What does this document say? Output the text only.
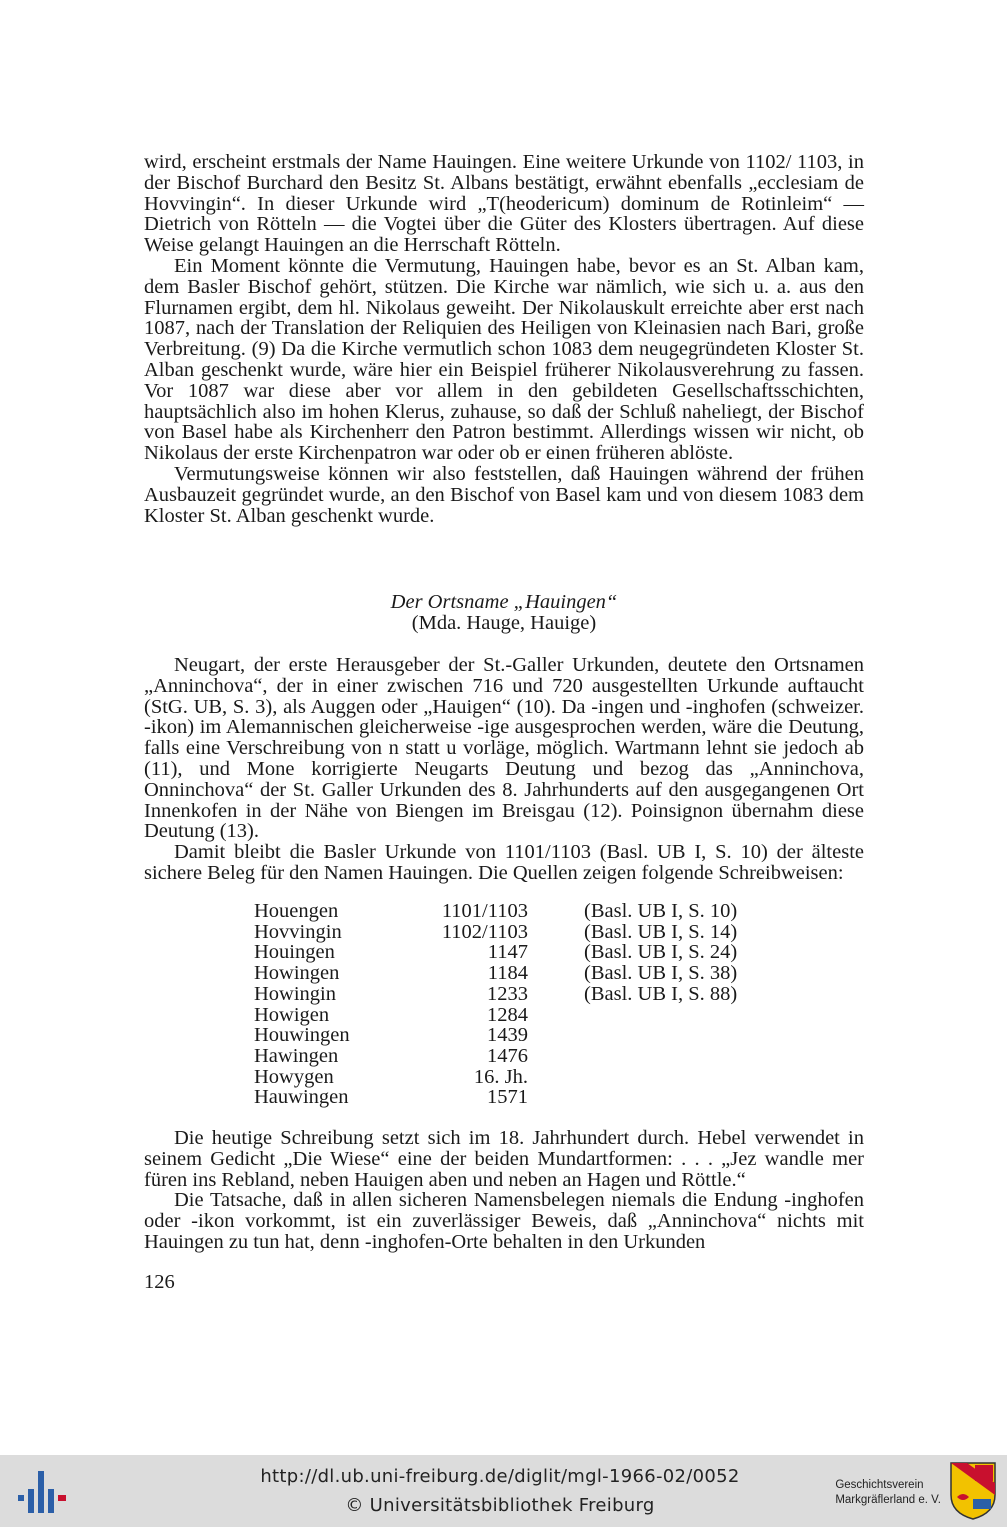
wird, erscheint erstmals der Name Hauingen. Eine weitere Urkunde von 1102/ 1103, in der Bischof Burchard den Besitz St. Albans bestätigt, erwähnt ebenfalls „ecclesiam de Hovvingin“. In dieser Urkunde wird „T(heodericum) dominum de Rotinleim“ — Dietrich von Rötteln — die Vogtei über die Güter des Klosters übertragen. Auf diese Weise gelangt Hauingen an die Herrschaft Rötteln.

Ein Moment könnte die Vermutung, Hauingen habe, bevor es an St. Alban kam, dem Basler Bischof gehört, stützen. Die Kirche war nämlich, wie sich u. a. aus den Flurnamen ergibt, dem hl. Nikolaus geweiht. Der Nikolauskult erreichte aber erst nach 1087, nach der Translation der Reliquien des Heiligen von Kleinasien nach Bari, große Verbreitung. (9) Da die Kirche vermutlich schon 1083 dem neugegründeten Kloster St. Alban geschenkt wurde, wäre hier ein Beispiel früherer Nikolausverehrung zu fassen. Vor 1087 war diese aber vor allem in den gebildeten Gesellschaftsschichten, hauptsächlich also im hohen Klerus, zuhause, so daß der Schluß naheliegt, der Bischof von Basel habe als Kirchenherr den Patron bestimmt. Allerdings wissen wir nicht, ob Nikolaus der erste Kirchenpatron war oder ob er einen früheren ablöste.

Vermutungsweise können wir also feststellen, daß Hauingen während der frühen Ausbauzeit gegründet wurde, an den Bischof von Basel kam und von diesem 1083 dem Kloster St. Alban geschenkt wurde.

Der Ortsname „Hauingen“
(Mda. Hauge, Hauige)

Neugart, der erste Herausgeber der St.-Galler Urkunden, deutete den Ortsnamen „Anninchova“, der in einer zwischen 716 und 720 ausgestellten Urkunde auftaucht (StG. UB, S. 3), als Auggen oder „Hauigen“ (10). Da -ingen und -inghofen (schweizer. -ikon) im Alemannischen gleicherweise -ige ausgesprochen werden, wäre die Deutung, falls eine Verschreibung von n statt u vorläge, möglich. Wartmann lehnt sie jedoch ab (11), und Mone korrigierte Neugarts Deutung und bezog das „Anninchova, Onninchova“ der St. Galler Urkunden des 8. Jahrhunderts auf den ausgegangenen Ort Innenkofen in der Nähe von Biengen im Breisgau (12). Poinsignon übernahm diese Deutung (13).

Damit bleibt die Basler Urkunde von 1101/1103 (Basl. UB I, S. 10) der älteste sichere Beleg für den Namen Hauingen. Die Quellen zeigen folgende Schreibweisen:

Houengen	1101/1103	(Basl. UB I, S. 10)
Hovvingin	1102/1103	(Basl. UB I, S. 14)
Houingen	1147	(Basl. UB I, S. 24)
Howingen	1184	(Basl. UB I, S. 38)
Howingin	1233	(Basl. UB I, S. 88)
Howigen	1284	
Houwingen	1439	
Hawingen	1476	
Howygen	16. Jh.	
Hauwingen	1571	

Die heutige Schreibung setzt sich im 18. Jahrhundert durch. Hebel verwendet in seinem Gedicht „Die Wiese“ eine der beiden Mundartformen: . . . „Jez wandle mer füren ins Rebland, neben Hauigen aben und neben an Hagen und Röttle.“

Die Tatsache, daß in allen sicheren Namensbelegen niemals die Endung -inghofen oder -ikon vorkommt, ist ein zuverlässiger Beweis, daß „Anninchova“ nichts mit Hauingen zu tun hat, denn -inghofen-Orte behalten in den Urkunden

126
http://dl.ub.uni-freiburg.de/diglit/mgl-1966-02/0052
© Universitätsbibliothek Freiburg
Geschichtsverein
Markgräflerland e. V.
